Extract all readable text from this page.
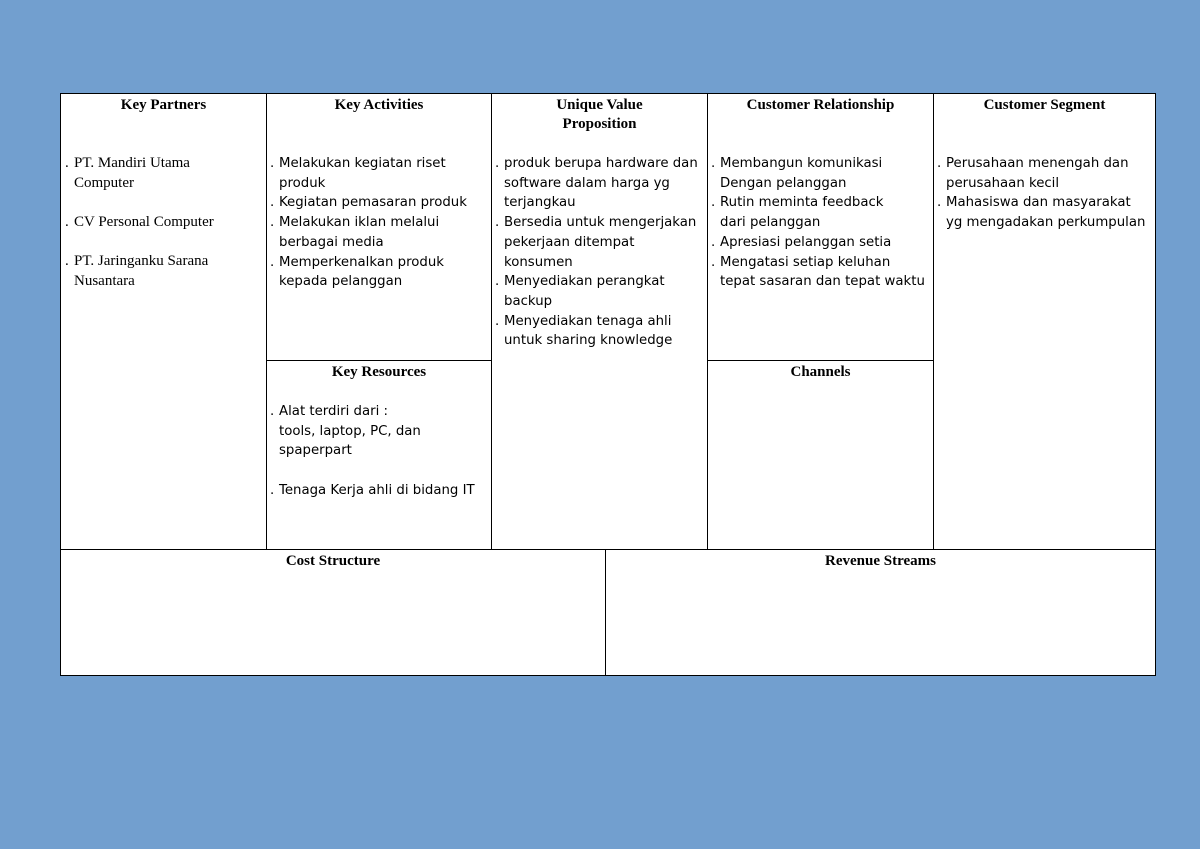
Key Partners
. PT. Mandiri Utama
Computer
. CV Personal Computer
. PT. Jaringanku Sarana
Nusantara
Key Activities
. Melakukan kegiatan riset
produk
. Kegiatan pemasaran produk
. Melakukan iklan melalui
berbagai media
. Memperkenalkan produk
kepada pelanggan
Key Resources
. Alat terdiri dari :
tools, laptop, PC, dan
spaperpart
. Tenaga Kerja ahli di bidang IT
Unique Value
Proposition
. produk berupa hardware dan
software dalam harga yg
terjangkau
. Bersedia untuk mengerjakan
pekerjaan ditempat
konsumen
. Menyediakan perangkat
backup
. Menyediakan tenaga ahli
untuk sharing knowledge
Customer Relationship
. Membangun komunikasi
Dengan pelanggan
. Rutin meminta feedback
dari pelanggan
. Apresiasi pelanggan setia
. Mengatasi setiap keluhan
tepat sasaran dan tepat waktu
Channels
Customer Segment
. Perusahaan menengah dan
perusahaan kecil
. Mahasiswa dan masyarakat
yg mengadakan perkumpulan
Cost Structure	Revenue Streams
